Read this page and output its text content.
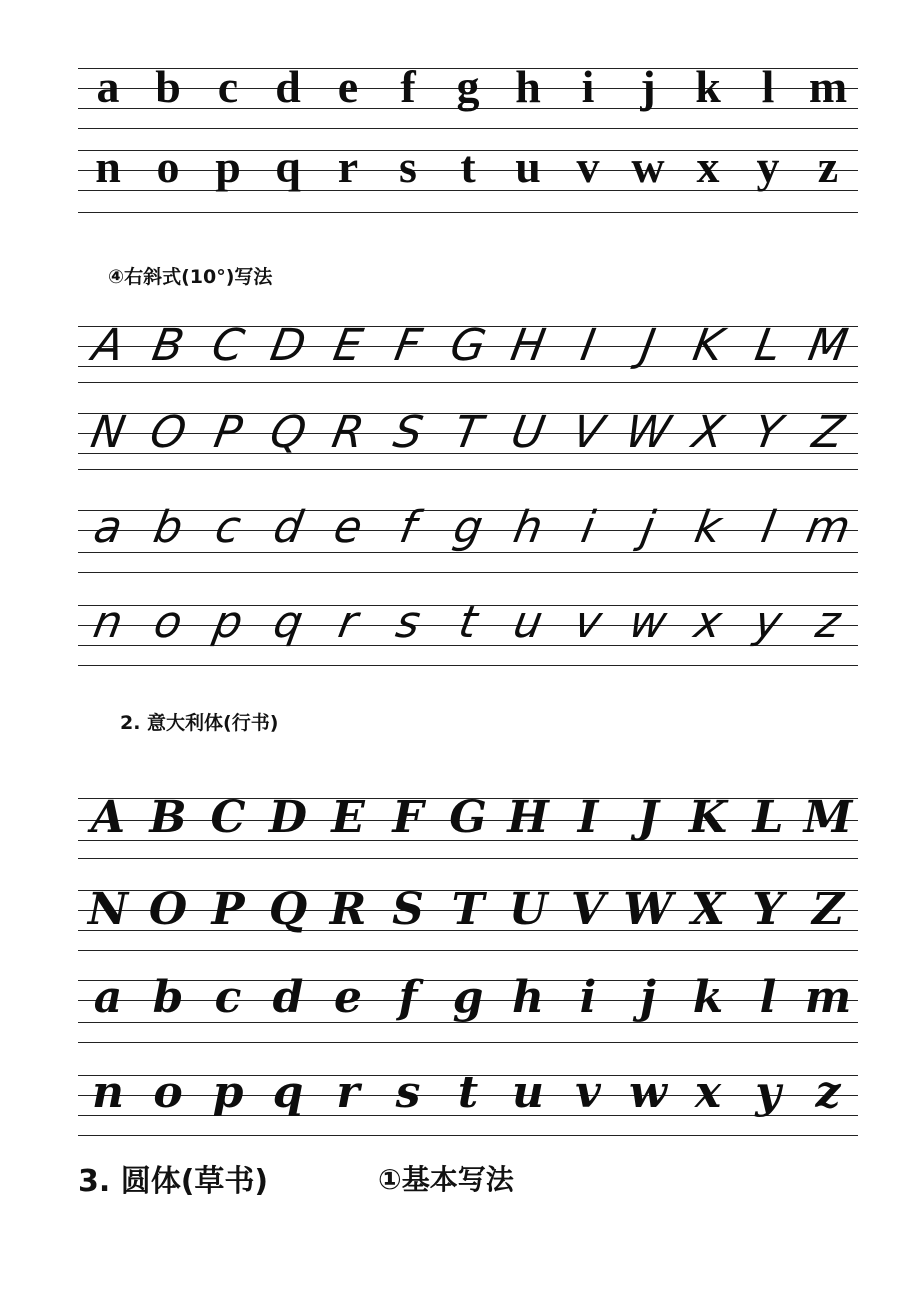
a b c d e f g h i j k l m
n o p q r s t u v w x y z
④右斜式(10°)写法
A B C D E F G H I J K L M
N O P Q R S T U V W X Y Z
a b c d e f g h i j k l m
n o p q r s t u v w x y z
2. 意大利体(行书)
A B C D E F G H I J K L M
N O P Q R S T U V W X Y Z
a b c d e f g h i j k l m
n o p q r s t u v w x y z
3. 圆体(草书)	①基本写法
